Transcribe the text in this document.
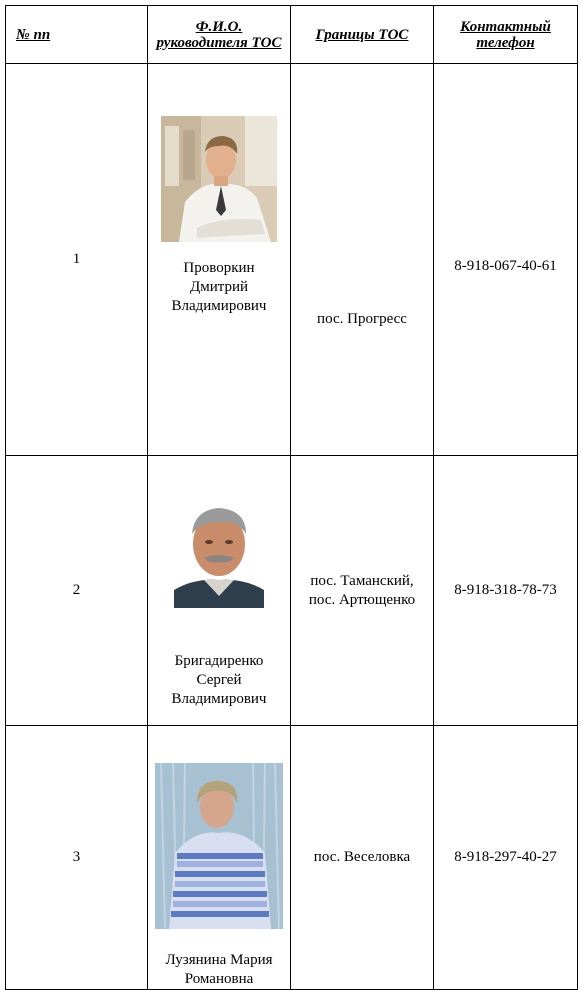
№ пп	Ф.И.О. руководителя ТОС	Границы ТОС	Контактный телефон
1	Проворкин Дмитрий Владимирович	пос. Прогресс	8-918-067-40-61
2	Бригадиренко Сергей Владимирович	пос. Таманский, пос. Артющенко	8-918-318-78-73
3	Лузянина Мария Романовна	пос. Веселовка	8-918-297-40-27
